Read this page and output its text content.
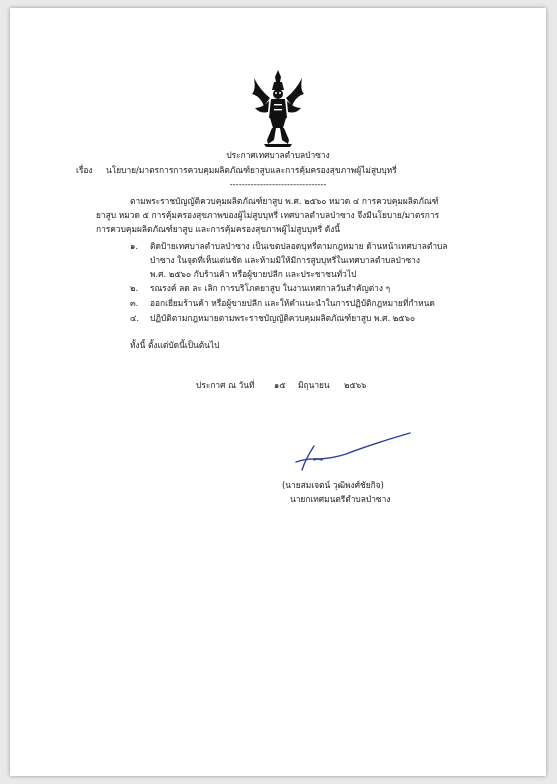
ประกาศเทศบาลตำบลป่าซาง
เรื่อง นโยบาย/มาตรการการควบคุมผลิตภัณฑ์ยาสูบและการคุ้มครองสุขภาพผู้ไม่สูบบุหรี่
--------------------------------
ตามพระราชบัญญัติควบคุมผลิตภัณฑ์ยาสูบ พ.ศ. ๒๕๖๐ หมวด ๔ การควบคุมผลิตภัณฑ์
ยาสูบ หมวด ๕ การคุ้มครองสุขภาพของผู้ไม่สูบบุหรี่ เทศบาลตำบลป่าซาง จึงมีนโยบาย/มาตรการ
การควบคุมผลิตภัณฑ์ยาสูบ และการคุ้มครองสุขภาพผู้ไม่สูบบุหรี่ ดังนี้
๑. ติดป้ายเทศบาลตำบลป่าซาง เป็นเขตปลอดบุหรี่ตามกฎหมาย ด้านหน้าเทศบาลตำบล
ป่าซาง ในจุดที่เห็นเด่นชัด และห้ามมิให้มีการสูบบุหรี่ในเทศบาลตำบลป่าซาง
พ.ศ. ๒๕๖๐ กับร้านค้า หรือผู้ขายปลีก และประชาชนทั่วไป
๒. รณรงค์ ลด ละ เลิก การบริโภคยาสูบ ในงานเทศกาลวันสำคัญต่าง ๆ
๓. ออกเยี่ยมร้านค้า หรือผู้ขายปลีก และให้คำแนะนำในการปฏิบัติกฎหมายที่กำหนด
๔. ปฏิบัติตามกฎหมายตามพระราชบัญญัติควบคุมผลิตภัณฑ์ยาสูบ พ.ศ. ๒๕๖๐
ทั้งนี้ ตั้งแต่บัดนี้เป็นต้นไป
ประกาศ ณ วันที่ ๑๕ มิถุนายน ๒๕๖๖
(นายสมเจตน์ วุฒิพงศ์ชัยกิจ)
นายกเทศมนตรีตำบลป่าซาง
